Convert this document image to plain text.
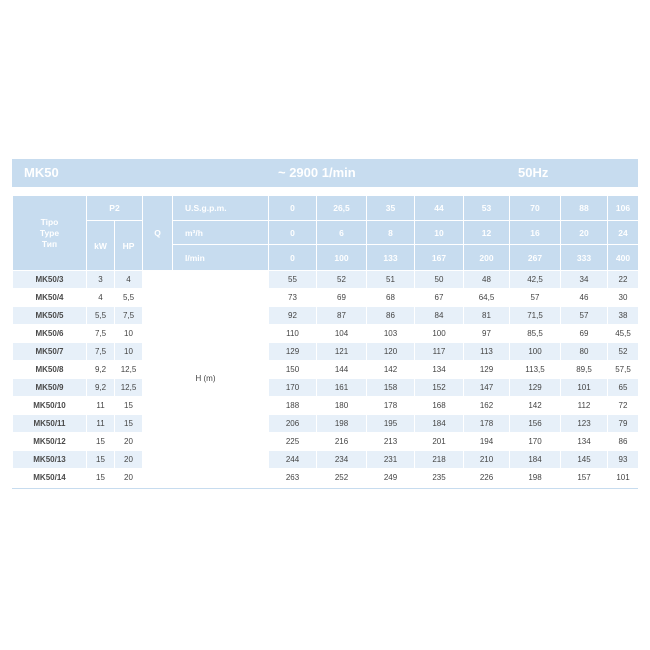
MK50	~ 2900 1/min	50Hz
Tipo
Type
Тип	P2		Q	U.S.g.p.m.	0	26,5	35	44	53	70	88	106
	kW	HP		m³/h	0	6	8	10	12	16	20	24
				l/min	0	100	133	167	200	267	333	400
MK50/3	3	4	H (m)		55	52	51	50	48	42,5	34	22
MK50/4	4	5,5			73	69	68	67	64,5	57	46	30
MK50/5	5,5	7,5			92	87	86	84	81	71,5	57	38
MK50/6	7,5	10			110	104	103	100	97	85,5	69	45,5
MK50/7	7,5	10			129	121	120	117	113	100	80	52
MK50/8	9,2	12,5			150	144	142	134	129	113,5	89,5	57,5
MK50/9	9,2	12,5			170	161	158	152	147	129	101	65
MK50/10	11	15			188	180	178	168	162	142	112	72
MK50/11	11	15			206	198	195	184	178	156	123	79
MK50/12	15	20			225	216	213	201	194	170	134	86
MK50/13	15	20			244	234	231	218	210	184	145	93
MK50/14	15	20			263	252	249	235	226	198	157	101
